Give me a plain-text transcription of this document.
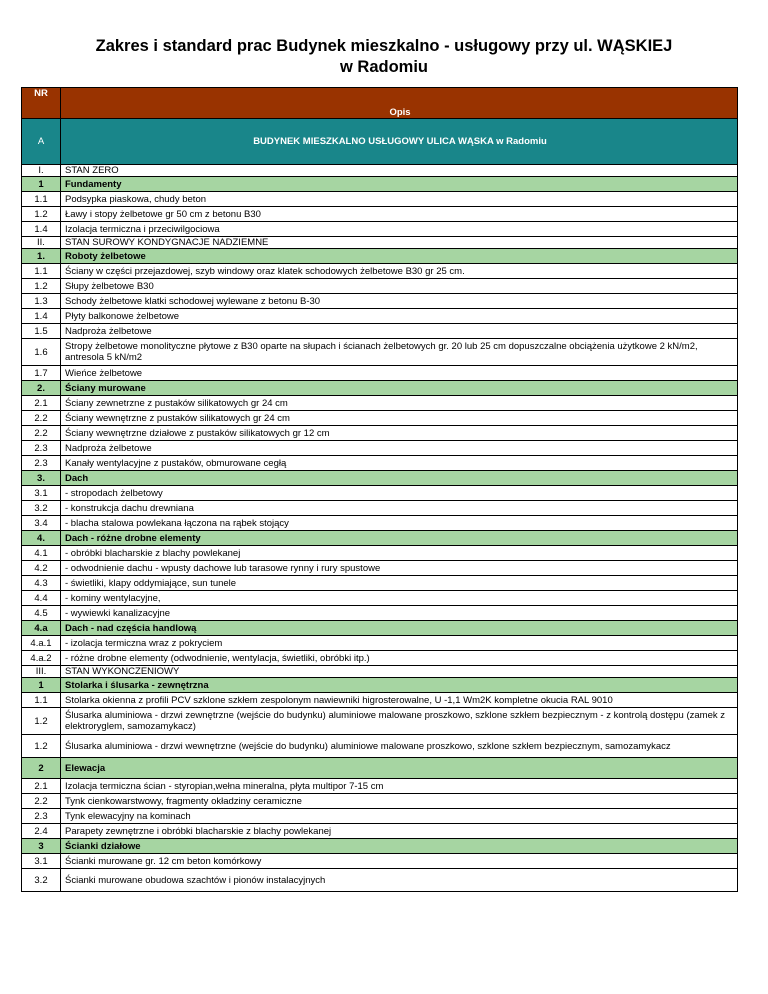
Zakres i standard prac Budynek mieszkalno - usługowy przy ul. WĄSKIEJ
w Radomiu
NR	Opis
A	BUDYNEK MIESZKALNO USŁUGOWY ULICA WĄSKA w Radomiu
I.	STAN ZERO
1	Fundamenty
1.1	Podsypka piaskowa, chudy beton
1.2	Ławy i stopy żelbetowe gr 50 cm z betonu B30
1.4	Izolacja termiczna i przeciwilgociowa
II.	STAN SUROWY KONDYGNACJE NADZIEMNE
1.	Roboty żelbetowe
1.1	Ściany w części przejazdowej, szyb windowy oraz klatek schodowych żelbetowe B30 gr 25 cm.
1.2	Słupy żelbetowe B30
1.3	Schody żelbetowe klatki schodowej wylewane z betonu B-30
1.4	Płyty balkonowe żelbetowe
1.5	Nadproża żelbetowe
1.6	Stropy żelbetowe monolityczne płytowe z B30 oparte na słupach i ścianach żelbetowych gr. 20 lub 25 cm dopuszczalne obciążenia użytkowe 2 kN/m2, antresola 5 kN/m2
1.7	Wieńce żelbetowe
2.	Ściany murowane
2.1	Ściany zewnetrzne z pustaków silikatowych gr 24 cm
2.2	Ściany wewnętrzne z pustaków silikatowych gr 24 cm
2.2	Ściany wewnętrzne działowe z pustaków silikatowych gr 12 cm
2.3	Nadproża żelbetowe
2.3	Kanały wentylacyjne z pustaków, obmurowane cegłą
3.	Dach
3.1	- stropodach żelbetowy
3.2	- konstrukcja dachu drewniana
3.4	- blacha stalowa powlekana łączona na rąbek stojący
4.	Dach - różne drobne elementy
4.1	- obróbki blacharskie z blachy powlekanej
4.2	- odwodnienie dachu - wpusty dachowe lub tarasowe rynny i rury spustowe
4.3	- świetliki, klapy oddymiające, sun tunele
4.4	- kominy wentylacyjne,
4.5	- wywiewki kanalizacyjne
4.a	Dach - nad częścia handlową
4.a.1	- izolacja termiczna wraz z pokryciem
4.a.2	- różne drobne elementy (odwodnienie, wentylacja, świetliki, obróbki itp.)
III.	STAN WYKONCZENIOWY
1	Stolarka i ślusarka - zewnętrzna
1.1	Stolarka okienna z profili PCV szklone szkłem zespolonym nawiewniki higrosterowalne, U -1,1 Wm2K kompletne okucia RAL 9010
1.2	Ślusarka aluminiowa - drzwi zewnętrzne (wejście do budynku) aluminiowe malowane proszkowo, szklone szkłem bezpiecznym - z kontrolą dostępu (zamek z elektroryglem, samozamykacz)
1.2	Ślusarka aluminiowa - drzwi wewnętrzne (wejście do budynku) aluminiowe malowane proszkowo, szklone szkłem bezpiecznym, samozamykacz
2	Elewacja
2.1	Izolacja termiczna ścian - styropian,wełna mineralna, płyta multipor 7-15 cm
2.2	Tynk cienkowarstwowy, fragmenty okładziny ceramiczne
2.3	Tynk elewacyjny na kominach
2.4	Parapety zewnętrzne i obróbki blacharskie z blachy powlekanej
3	Ścianki działowe
3.1	Ścianki murowane gr. 12 cm beton komórkowy
3.2	Ścianki murowane obudowa szachtów i pionów instalacyjnych
